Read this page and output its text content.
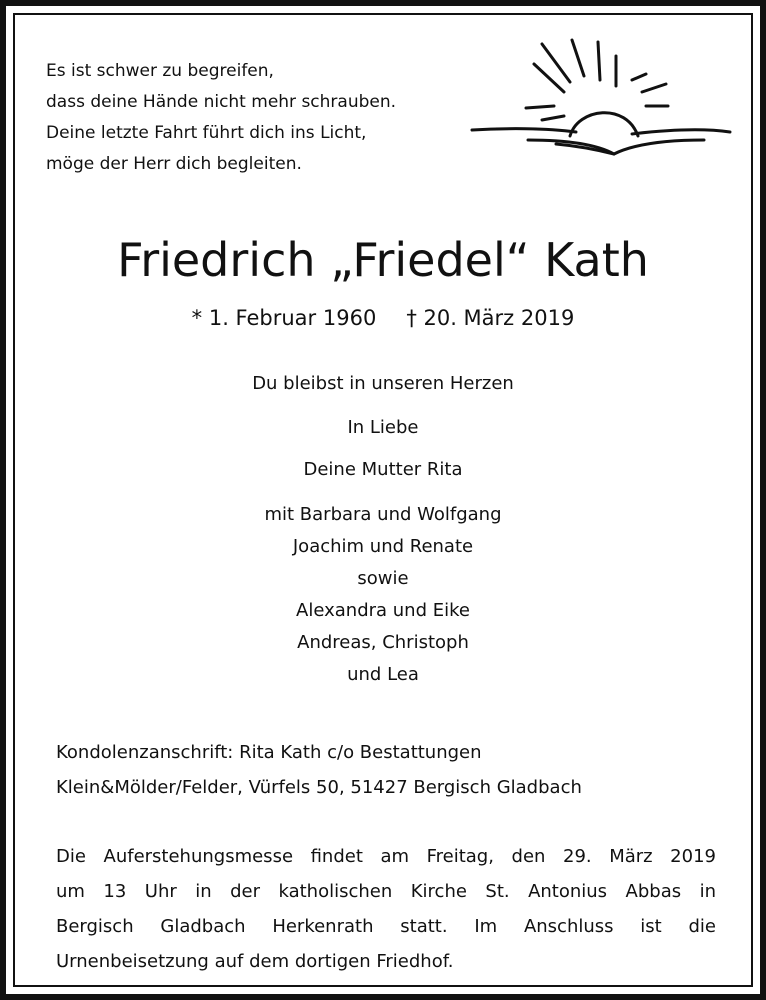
Es ist schwer zu begreifen,
dass deine Hände nicht mehr schrauben.
Deine letzte Fahrt führt dich ins Licht,
möge der Herr dich begleiten.
Friedrich „Friedel“ Kath
* 1. Februar 1960 † 20. März 2019
Du bleibst in unseren Herzen
In Liebe
Deine Mutter Rita
mit Barbara und Wolfgang
Joachim und Renate
sowie
Alexandra und Eike
Andreas, Christoph
und Lea
Kondolenzanschrift: Rita Kath c/o Bestattungen
Klein&Mölder/Felder, Vürfels 50, 51427 Bergisch Gladbach
Die Auferstehungsmesse findet am Freitag, den 29. März 2019
um 13 Uhr in der katholischen Kirche St. Antonius Abbas in
Bergisch Gladbach Herkenrath statt. Im Anschluss ist die
Urnenbeisetzung auf dem dortigen Friedhof.
